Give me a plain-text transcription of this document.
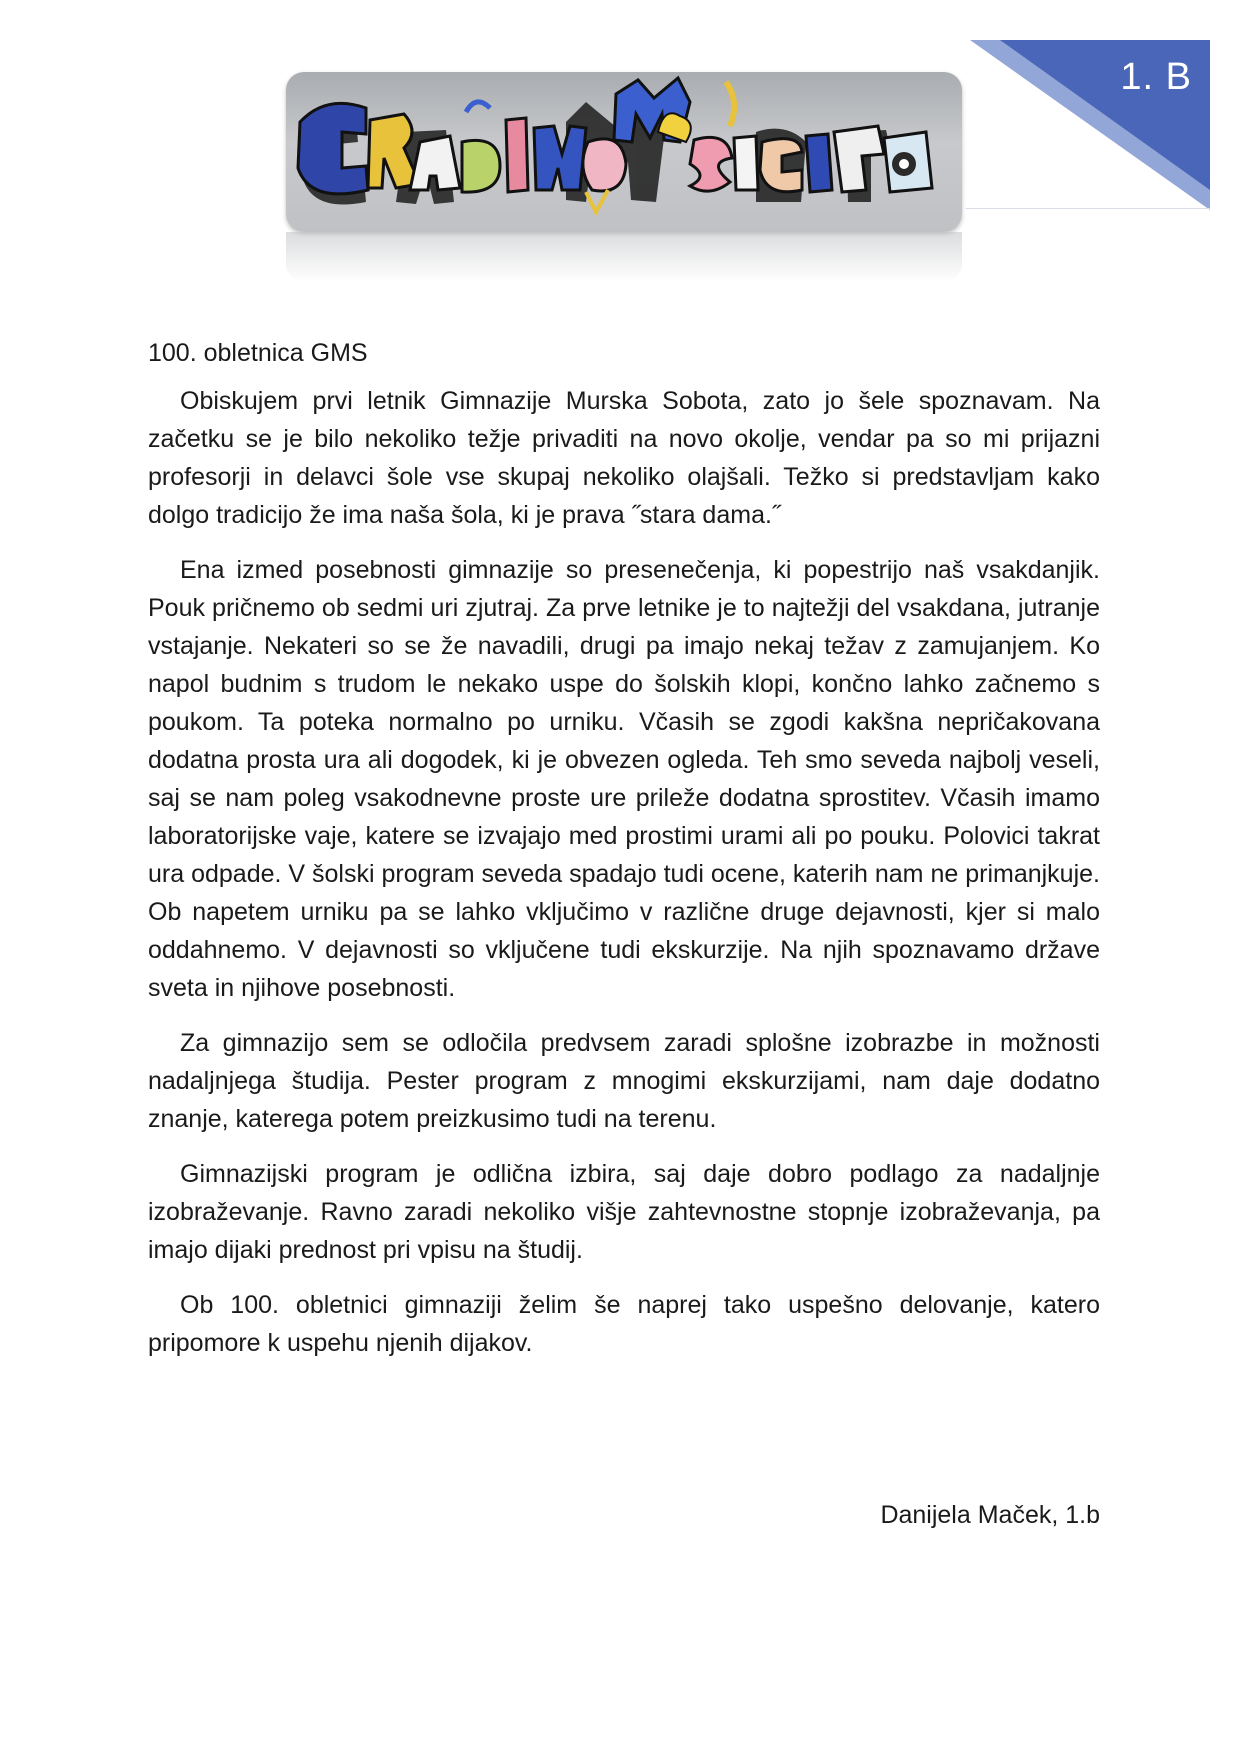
1. B
100. obletnica GMS

Obiskujem prvi letnik Gimnazije Murska Sobota, zato jo šele spoznavam. Na začetku se je bilo nekoliko težje privaditi na novo okolje, vendar pa so mi prijazni profesorji in delavci šole vse skupaj nekoliko olajšali. Težko si predstavljam kako dolgo tradicijo že ima naša šola, ki je prava ˝stara dama.˝

Ena izmed posebnosti gimnazije so presenečenja, ki popestrijo naš vsakdanjik. Pouk pričnemo ob sedmi uri zjutraj. Za prve letnike je to najtežji del vsakdana, jutranje vstajanje. Nekateri so se že navadili, drugi pa imajo nekaj težav z zamujanjem. Ko napol budnim s trudom le nekako uspe do šolskih klopi, končno lahko začnemo s poukom. Ta poteka normalno po urniku. Včasih se zgodi kakšna nepričakovana dodatna prosta ura ali dogodek, ki je obvezen ogleda. Teh smo seveda najbolj veseli, saj se nam poleg vsakodnevne proste ure prileže dodatna sprostitev. Včasih imamo laboratorijske vaje, katere se izvajajo med prostimi urami ali po pouku. Polovici takrat ura odpade. V šolski program seveda spadajo tudi ocene, katerih nam ne primanjkuje. Ob napetem urniku pa se lahko vključimo v različne druge dejavnosti, kjer si malo oddahnemo. V dejavnosti so vključene tudi ekskurzije. Na njih spoznavamo države sveta in njihove posebnosti.

Za gimnazijo sem se odločila predvsem zaradi splošne izobrazbe in možnosti nadaljnjega študija. Pester program z mnogimi ekskurzijami, nam daje dodatno znanje, katerega potem preizkusimo tudi na terenu.

Gimnazijski program je odlična izbira, saj daje dobro podlago za nadaljnje izobraževanje. Ravno zaradi nekoliko višje zahtevnostne stopnje izobraževanja, pa imajo dijaki prednost pri vpisu na študij.

Ob 100. obletnici gimnaziji želim še naprej tako uspešno delovanje, katero pripomore k uspehu njenih dijakov.

Danijela Maček, 1.b
